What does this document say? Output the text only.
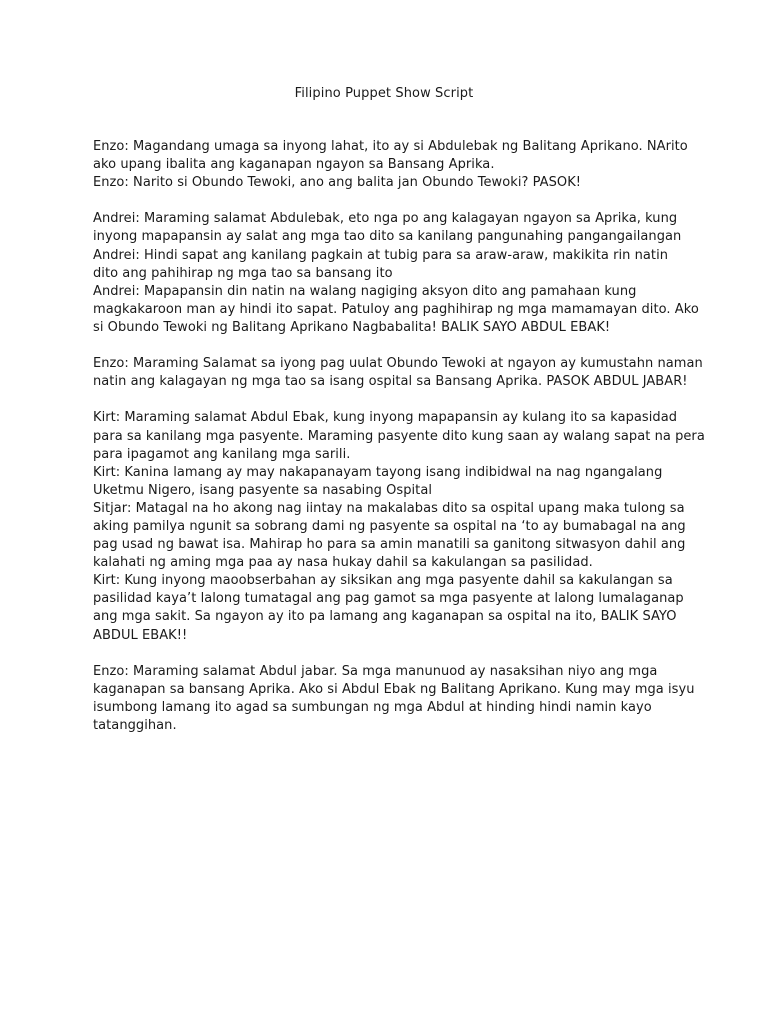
Filipino Puppet Show Script
Enzo: Magandang umaga sa inyong lahat, ito ay si Abdulebak ng Balitang Aprikano. NArito
ako upang ibalita ang kaganapan ngayon sa Bansang Aprika.
Enzo: Narito si Obundo Tewoki, ano ang balita jan Obundo Tewoki? PASOK!
Andrei: Maraming salamat Abdulebak, eto nga po ang kalagayan ngayon sa Aprika, kung
inyong mapapansin ay salat ang mga tao dito sa kanilang pangunahing pangangailangan
Andrei: Hindi sapat ang kanilang pagkain at tubig para sa araw-araw, makikita rin natin
dito ang pahihirap ng mga tao sa bansang ito
Andrei: Mapapansin din natin na walang nagiging aksyon dito ang pamahaan kung
magkakaroon man ay hindi ito sapat. Patuloy ang paghihirap ng mga mamamayan dito. Ako
si Obundo Tewoki ng Balitang Aprikano Nagbabalita! BALIK SAYO ABDUL EBAK!
Enzo: Maraming Salamat sa iyong pag uulat Obundo Tewoki at ngayon ay kumustahn naman
natin ang kalagayan ng mga tao sa isang ospital sa Bansang Aprika. PASOK ABDUL JABAR!
Kirt: Maraming salamat Abdul Ebak, kung inyong mapapansin ay kulang ito sa kapasidad
para sa kanilang mga pasyente. Maraming pasyente dito kung saan ay walang sapat na pera
para ipagamot ang kanilang mga sarili.
Kirt: Kanina lamang ay may nakapanayam tayong isang indibidwal na nag ngangalang
Uketmu Nigero, isang pasyente sa nasabing Ospital
Sitjar: Matagal na ho akong nag iintay na makalabas dito sa ospital upang maka tulong sa
aking pamilya ngunit sa sobrang dami ng pasyente sa ospital na ‘to ay bumabagal na ang
pag usad ng bawat isa. Mahirap ho para sa amin manatili sa ganitong sitwasyon dahil ang
kalahati ng aming mga paa ay nasa hukay dahil sa kakulangan sa pasilidad.
Kirt: Kung inyong maoobserbahan ay siksikan ang mga pasyente dahil sa kakulangan sa
pasilidad kaya’t lalong tumatagal ang pag gamot sa mga pasyente at lalong lumalaganap
ang mga sakit. Sa ngayon ay ito pa lamang ang kaganapan sa ospital na ito, BALIK SAYO
ABDUL EBAK!!
Enzo: Maraming salamat Abdul jabar. Sa mga manunuod ay nasaksihan niyo ang mga
kaganapan sa bansang Aprika. Ako si Abdul Ebak ng Balitang Aprikano. Kung may mga isyu
isumbong lamang ito agad sa sumbungan ng mga Abdul at hinding hindi namin kayo
tatanggihan.
